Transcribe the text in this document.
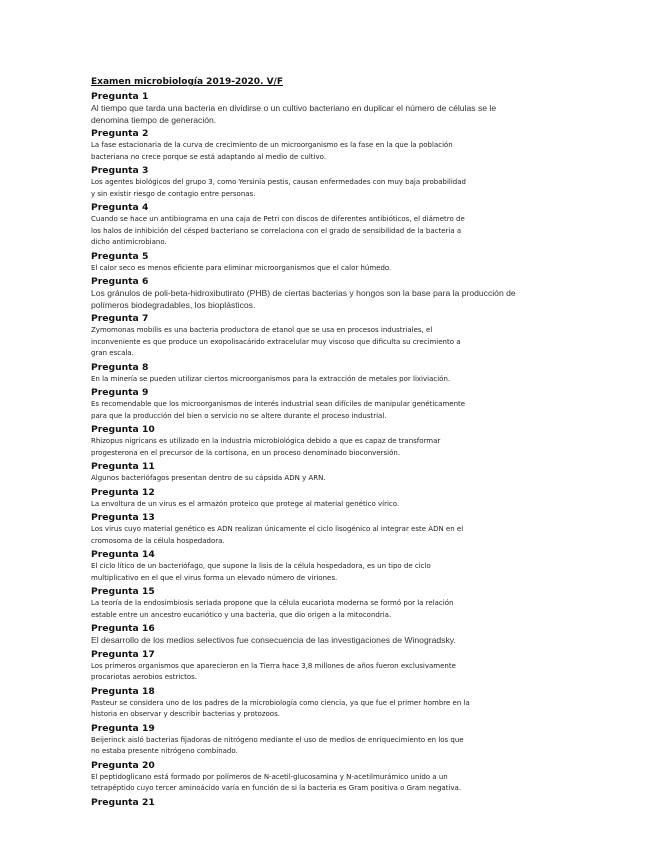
Examen microbiología 2019-2020. V/F
Pregunta 1
Al tiempo que tarda una bacteria en dividirse o un cultivo bacteriano en duplicar el número de células se le
denomina tiempo de generación.
Pregunta 2
La fase estacionaria de la curva de crecimiento de un microorganismo es la fase en la que la población
bacteriana no crece porque se está adaptando al medio de cultivo.
Pregunta 3
Los agentes biológicos del grupo 3, como Yersinia pestis, causan enfermedades con muy baja probabilidad
y sin existir riesgo de contagio entre personas.
Pregunta 4
Cuando se hace un antibiograma en una caja de Petri con discos de diferentes antibióticos, el diámetro de
los halos de inhibición del césped bacteriano se correlaciona con el grado de sensibilidad de la bacteria a
dicho antimicrobiano.
Pregunta 5
El calor seco es menos eficiente para eliminar microorganismos que el calor húmedo.
Pregunta 6
Los gránulos de poli-beta-hidroxibutirato (PHB) de ciertas bacterias y hongos son la base para la producción de
polímeros biodegradables, los bioplásticos.
Pregunta 7
Zymomonas mobilis es una bacteria productora de etanol que se usa en procesos industriales, el
inconveniente es que produce un exopolisacárido extracelular muy viscoso que dificulta su crecimiento a
gran escala.
Pregunta 8
En la minería se pueden utilizar ciertos microorganismos para la extracción de metales por lixiviación.
Pregunta 9
Es recomendable que los microorganismos de interés industrial sean difíciles de manipular genéticamente
para que la producción del bien o servicio no se altere durante el proceso industrial.
Pregunta 10
Rhizopus nigricans es utilizado en la industria microbiológica debido a que es capaz de transformar
progesterona en el precursor de la cortisona, en un proceso denominado bioconversión.
Pregunta 11
Algunos bacteriófagos presentan dentro de su cápsida ADN y ARN.
Pregunta 12
La envoltura de un virus es el armazón proteico que protege al material genético vírico.
Pregunta 13
Los virus cuyo material genético es ADN realizan únicamente el ciclo lisogénico al integrar este ADN en el
cromosoma de la célula hospedadora.
Pregunta 14
El ciclo lítico de un bacteriófago, que supone la lisis de la célula hospedadora, es un tipo de ciclo
multiplicativo en el que el virus forma un elevado número de viriones.
Pregunta 15
La teoría de la endosimbiosis seriada propone que la célula eucariota moderna se formó por la relación
estable entre un ancestro eucariótico y una bacteria, que dio origen a la mitocondria.
Pregunta 16
El desarrollo de los medios selectivos fue consecuencia de las investigaciones de Winogradsky.
Pregunta 17
Los primeros organismos que aparecieron en la Tierra hace 3,8 millones de años fueron exclusivamente
procariotas aerobios estrictos.
Pregunta 18
Pasteur se considera uno de los padres de la microbiología como ciencia, ya que fue el primer hombre en la
historia en observar y describir bacterias y protozoos.
Pregunta 19
Beijerinck aisló bacterias fijadoras de nitrógeno mediante el uso de medios de enriquecimiento en los que
no estaba presente nitrógeno combinado.
Pregunta 20
El peptidoglicano está formado por polímeros de N-acetil-glucosamina y N-acetilmurámico unido a un
tetrapéptido cuyo tercer aminoácido varía en función de si la bacteria es Gram positiva o Gram negativa.
Pregunta 21
